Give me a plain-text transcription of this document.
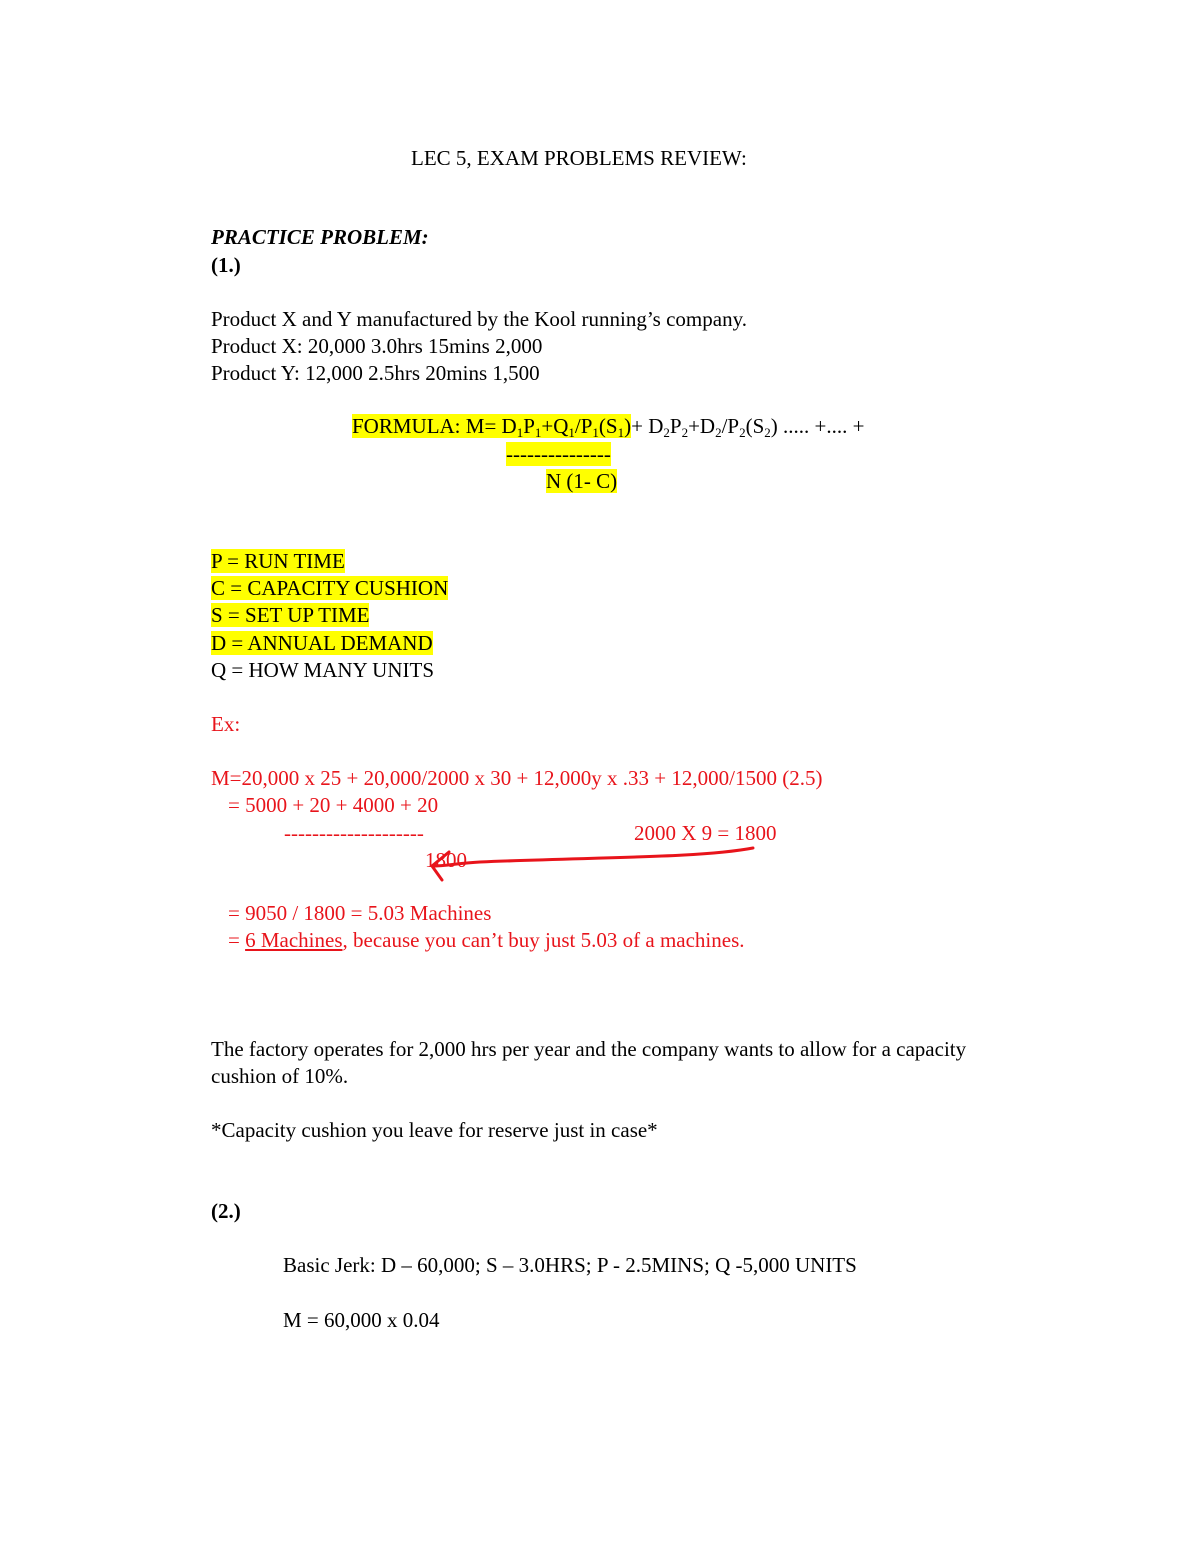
LEC 5, EXAM PROBLEMS REVIEW:
PRACTICE PROBLEM:
(1.)
Product X and Y manufactured by the Kool running’s company.
Product X: 20,000 3.0hrs 15mins 2,000
Product Y: 12,000 2.5hrs 20mins 1,500
FORMULA: $M= D_1P_1+Q_1/P_1(S_1)+ D_2P_2+D_2/P_2(S_2)$ ..... +.... +
---------------
N (1- C)
P = RUN TIME
C = CAPACITY CUSHION
S = SET UP TIME
D = ANNUAL DEMAND
Q = HOW MANY UNITS
Ex:
M=20,000 x 25 + 20,000/2000 x 30 + 12,000y x .33 + 12,000/1500 (2.5)
= 5000 + 20 + 4000 + 20
--------------------	2000 X 9 = 1800
1800
= 9050 / 1800 = 5.03 Machines
= 6 Machines, because you can’t buy just 5.03 of a machines.
The factory operates for 2,000 hrs per year and the company wants to allow for a capacity
cushion of 10%.
*Capacity cushion you leave for reserve just in case*
(2.)
Basic Jerk: D – 60,000; S – 3.0HRS; P - 2.5MINS; Q -5,000 UNITS
M = 60,000 x 0.04
